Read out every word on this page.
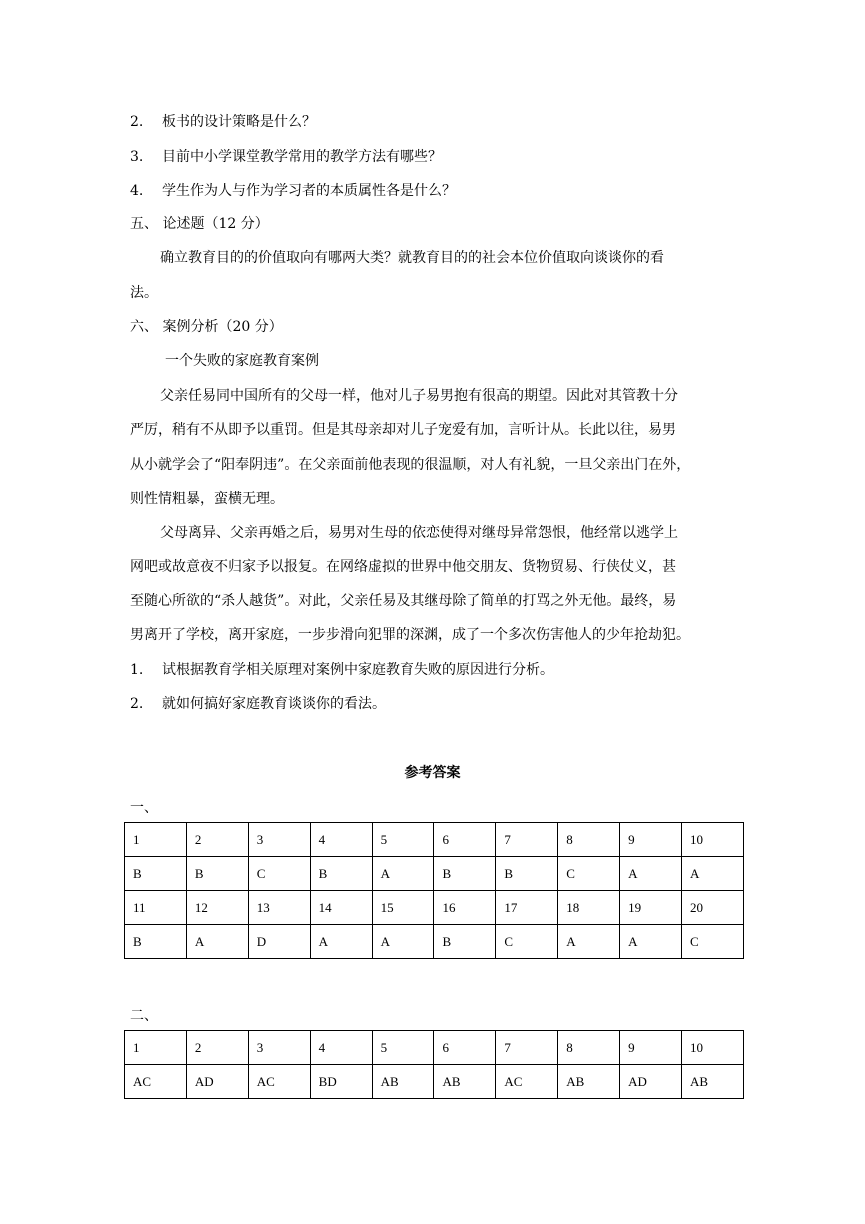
2. 板书的设计策略是什么？
3. 目前中小学课堂教学常用的教学方法有哪些？
4. 学生作为人与作为学习者的本质属性各是什么？
五、 论述题（12 分）
确立教育目的的价值取向有哪两大类？就教育目的的社会本位价值取向谈谈你的看
法。
六、 案例分析（20 分）
一个失败的家庭教育案例
父亲任易同中国所有的父母一样，他对儿子易男抱有很高的期望。因此对其管教十分
严厉，稍有不从即予以重罚。但是其母亲却对儿子宠爱有加，言听计从。长此以往，易男
从小就学会了“阳奉阴违”。在父亲面前他表现的很温顺，对人有礼貌，一旦父亲出门在外，
则性情粗暴，蛮横无理。
父母离异、父亲再婚之后，易男对生母的依恋使得对继母异常怨恨，他经常以逃学上
网吧或故意夜不归家予以报复。在网络虚拟的世界中他交朋友、货物贸易、行侠仗义，甚
至随心所欲的“杀人越货”。对此，父亲任易及其继母除了简单的打骂之外无他。最终，易
男离开了学校，离开家庭，一步步滑向犯罪的深渊，成了一个多次伤害他人的少年抢劫犯。
1. 试根据教育学相关原理对案例中家庭教育失败的原因进行分析。
2. 就如何搞好家庭教育谈谈你的看法。
参考答案
一、
1	2	3	4	5	6	7	8	9	10
B	B	C	B	A	B	B	C	A	A
11	12	13	14	15	16	17	18	19	20
B	A	D	A	A	B	C	A	A	C
二、
1	2	3	4	5	6	7	8	9	10
AC	AD	AC	BD	AB	AB	AC	AB	AD	AB
